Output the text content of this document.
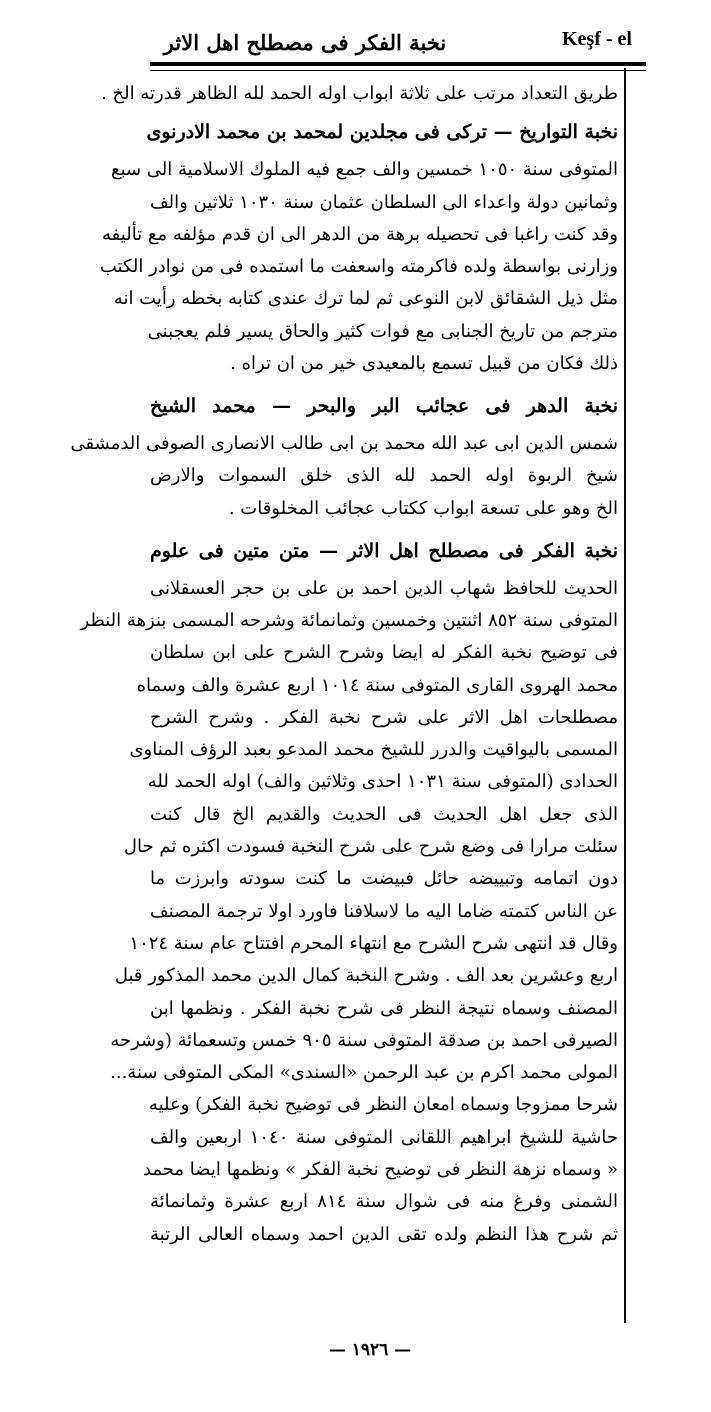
نخبة الفكر فى مصطلح اهل الاثر	Keşf - el
طريق التعداد مرتب على ثلاثة ابواب اوله الحمد لله الظاهر قدرته الخ .
نخبة التواريخ — تركى فى مجلدين لمحمد بن محمد الادرنوى
المتوفى سنة ١٠٥٠ خمسين والف جمع فيه الملوك الاسلامية الى سبع
وثمانين دولة واعداء الى السلطان عثمان سنة ١٠٣٠ ثلاثين والف
وقد كنت راغبا فى تحصيله برهة من الدهر الى ان قدم مؤلفه مع تأليفه
وزارنى بواسطة ولده فاكرمته واسعفت ما استمده فى من نوادر الكتب
مثل ذيل الشقائق لابن النوعى ثم لما ترك عندى كتابه بخطه رأيت انه
مترجم من تاريخ الجنابى مع فوات كثير والحاق يسير فلم يعجبنى
ذلك فكان من قبيل تسمع بالمعيدى خير من ان تراه .
نخبة الدهر فى عجائب البر والبحر — محمد الشيخ
شمس الدين ابى عبد الله محمد بن ابى طالب الانصارى الصوفى الدمشقى
شيخ الربوة اوله الحمد لله الذى خلق السموات والارض
الخ وهو على تسعة ابواب ككتاب عجائب المخلوقات .
نخبة الفكر فى مصطلح اهل الاثر — متن متين فى علوم
الحديث للحافظ شهاب الدين احمد بن على بن حجر العسقلانى
المتوفى سنة ٨٥٢ اثنتين وخمسين وثمانمائة وشرحه المسمى بنزهة النظر
فى توضيح نخبة الفكر له ايضا وشرح الشرح على ابن سلطان
محمد الهروى القارى المتوفى سنة ١٠١٤ اربع عشرة والف وسماه
مصطلحات اهل الاثر على شرح نخبة الفكر . وشرح الشرح
المسمى باليواقيت والدرر للشيخ محمد المدعو بعبد الرؤف المناوى
الحدادى (المتوفى سنة ١٠٣١ احدى وثلاثين والف) اوله الحمد لله
الذى جعل اهل الحديث فى الحديث والقديم الخ قال كنت
سئلت مرارا فى وضع شرح على شرح النخبة فسودت اكثره ثم حال
دون اتمامه وتبييضه حائل فبيضت ما كنت سودته وابرزت ما
عن الناس كتمته ضاما اليه ما لاسلافنا فاورد اولا ترجمة المصنف
وقال قد انتهى شرح الشرح مع انتهاء المحرم افتتاح عام سنة ١٠٢٤
اربع وعشرين بعد الف . وشرح النخبة كمال الدين محمد المذكور قبل
المصنف وسماه نتيجة النظر فى شرح نخبة الفكر . ونظمها ابن
الصيرفى احمد بن صدقة المتوفى سنة ٩٠٥ خمس وتسعمائة (وشرحه
المولى محمد اكرم بن عبد الرحمن «السندى» المكى المتوفى سنة...
شرحا ممزوجا وسماه امعان النظر فى توضيح نخبة الفكر) وعليه
حاشية للشيخ ابراهيم اللقانى المتوفى سنة ١٠٤٠ اربعين والف
« وسماه نزهة النظر فى توضيح نخبة الفكر » ونظمها ايضا محمد
الشمنى وفرغ منه فى شوال سنة ٨١٤ اربع عشرة وثمانمائة
ثم شرح هذا النظم ولده تقى الدين احمد وسماه العالى الرتبة
— ١٩٢٦ —
